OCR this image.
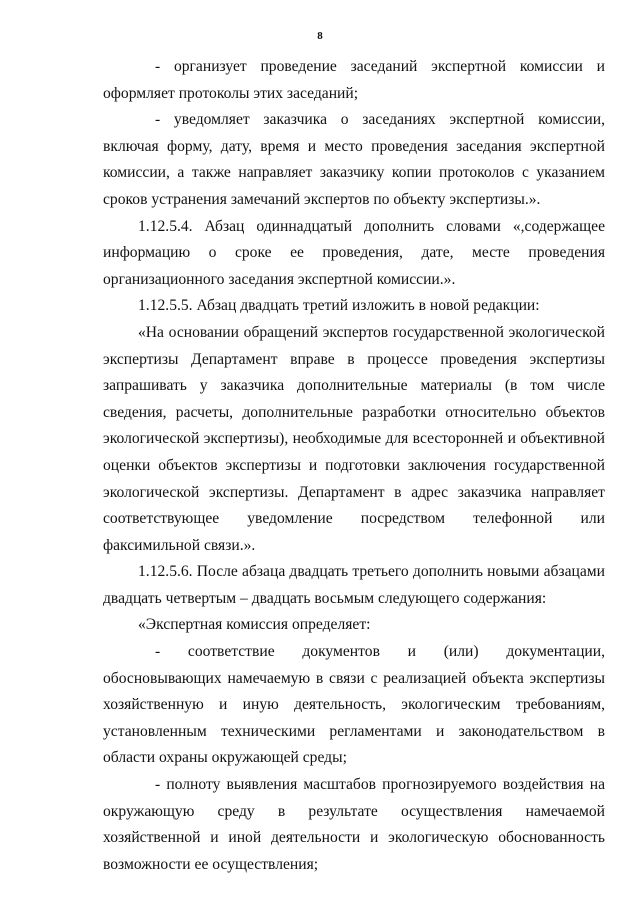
8

- организует проведение заседаний экспертной комиссии и оформляет протоколы этих заседаний;

- уведомляет заказчика о заседаниях экспертной комиссии, включая форму, дату, время и место проведения заседания экспертной комиссии, а также направляет заказчику копии протоколов с указанием сроков устранения замечаний экспертов по объекту экспертизы.».

1.12.5.4. Абзац одиннадцатый дополнить словами «,содержащее информацию о сроке ее проведения, дате, месте проведения организационного заседания экспертной комиссии.».

1.12.5.5. Абзац двадцать третий изложить в новой редакции:

«На основании обращений экспертов государственной экологической экспертизы Департамент вправе в процессе проведения экспертизы запрашивать у заказчика дополнительные материалы (в том числе сведения, расчеты, дополнительные разработки относительно объектов экологической экспертизы), необходимые для всесторонней и объективной оценки объектов экспертизы и подготовки заключения государственной экологической экспертизы. Департамент в адрес заказчика направляет соответствующее уведомление посредством телефонной или факсимильной связи.».

1.12.5.6. После абзаца двадцать третьего дополнить новыми абзацами двадцать четвертым – двадцать восьмым следующего содержания:

«Экспертная комиссия определяет:

- соответствие документов и (или) документации, обосновывающих намечаемую в связи с реализацией объекта экспертизы хозяйственную и иную деятельность, экологическим требованиям, установленным техническими регламентами и законодательством в области охраны окружающей среды;

- полноту выявления масштабов прогнозируемого воздействия на окружающую среду в результате осуществления намечаемой хозяйственной и иной деятельности и экологическую обоснованность возможности ее осуществления;
